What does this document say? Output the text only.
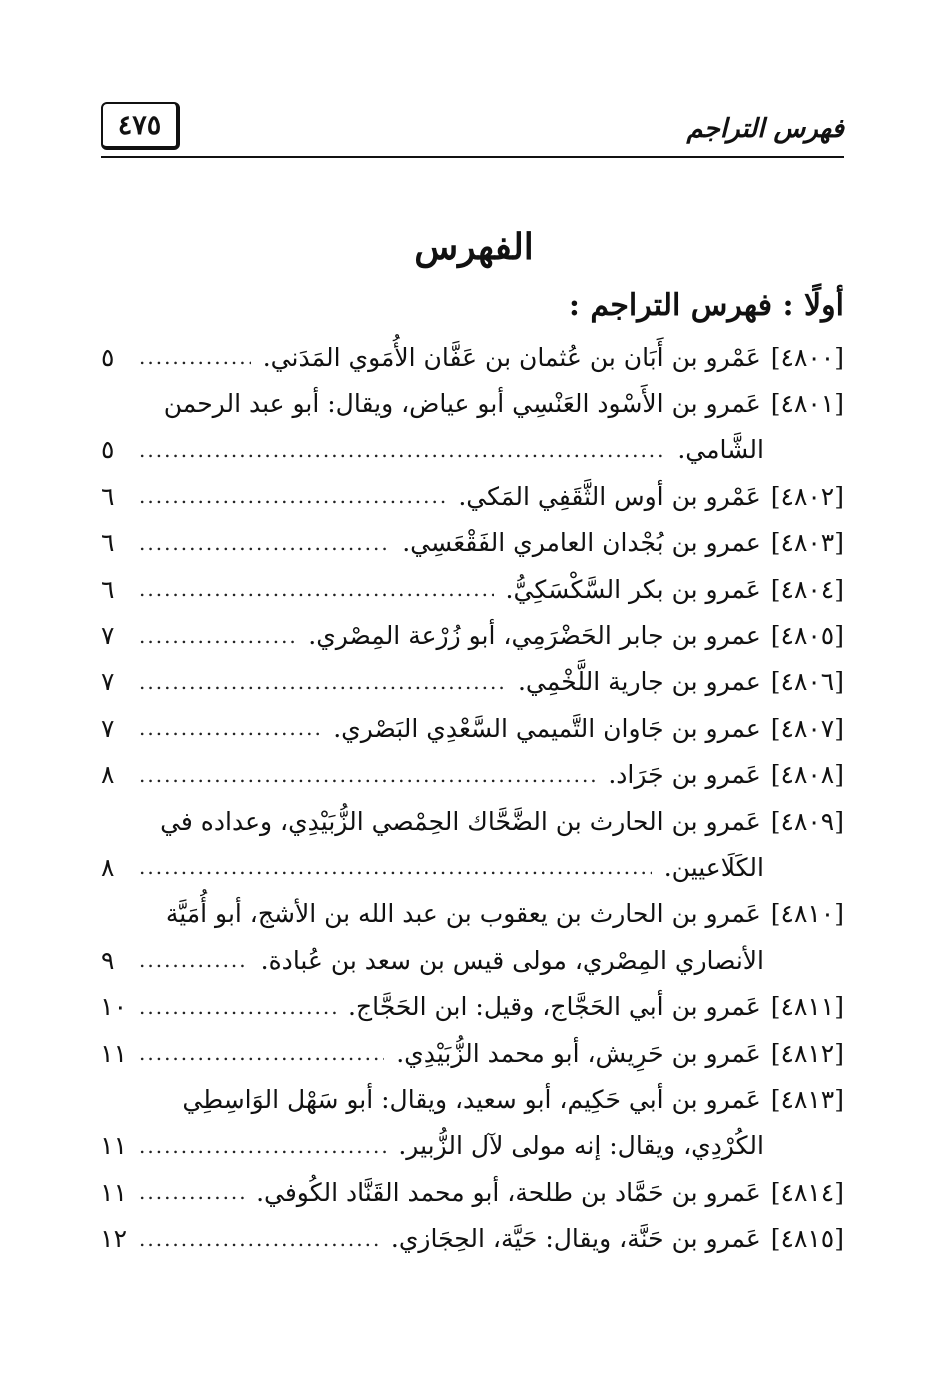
فهرس التراجم
٤٧٥
الفهرس
أولًا : فهرس التراجم :
[٤٨٠٠]
عَمْرو بن أَبَان بن عُثمان بن عَفَّان الأُمَوي المَدَني.
.....
٥
[٤٨٠١]
عَمرو بن الأَسْود العَنْسِي أبو عياض، ويقال: أبو عبد الرحمن
الشَّامي.
.....
٥
[٤٨٠٢]
عَمْرو بن أوس الثَّقَفِي المَكي.
.....
٦
[٤٨٠٣]
عمرو بن بُجْدان العامري الفَقْعَسِي.
.....
٦
[٤٨٠٤]
عَمرو بن بكر السَّكْسَكِيُّ.
.....
٦
[٤٨٠٥]
عمرو بن جابر الحَضْرَمِي، أبو زُرْعة المِصْري.
.....
٧
[٤٨٠٦]
عمرو بن جارية اللَّخْمِي.
.....
٧
[٤٨٠٧]
عمرو بن جَاوان التَّميمي السَّعْدِي البَصْري.
.....
٧
[٤٨٠٨]
عَمرو بن جَرَاد.
.....
٨
[٤٨٠٩]
عَمرو بن الحارث بن الضَّحَّاك الحِمْصي الزُّبَيْدِي، وعداده في
الكَلَاعيين.
.....
٨
[٤٨١٠]
عَمرو بن الحارث بن يعقوب بن عبد الله بن الأشج، أبو أُمَيَّة
الأنصاري المِصْري، مولى قيس بن سعد بن عُبادة.
.....
٩
[٤٨١١]
عَمرو بن أبي الحَجَّاج، وقيل: ابن الحَجَّاج.
.....
١٠
[٤٨١٢]
عَمرو بن حَرِيش، أبو محمد الزُّبَيْدِي.
.....
١١
[٤٨١٣]
عَمرو بن أبي حَكِيم، أبو سعيد، ويقال: أبو سَهْل الوَاسِطِي
الكُرْدِي، ويقال: إنه مولى لآل الزُّبير.
.....
١١
[٤٨١٤]
عَمرو بن حَمَّاد بن طلحة، أبو محمد القَنَّاد الكُوفي.
.....
١١
[٤٨١٥]
عَمرو بن حَنَّة، ويقال: حَيَّة، الحِجَازي.
.....
١٢
